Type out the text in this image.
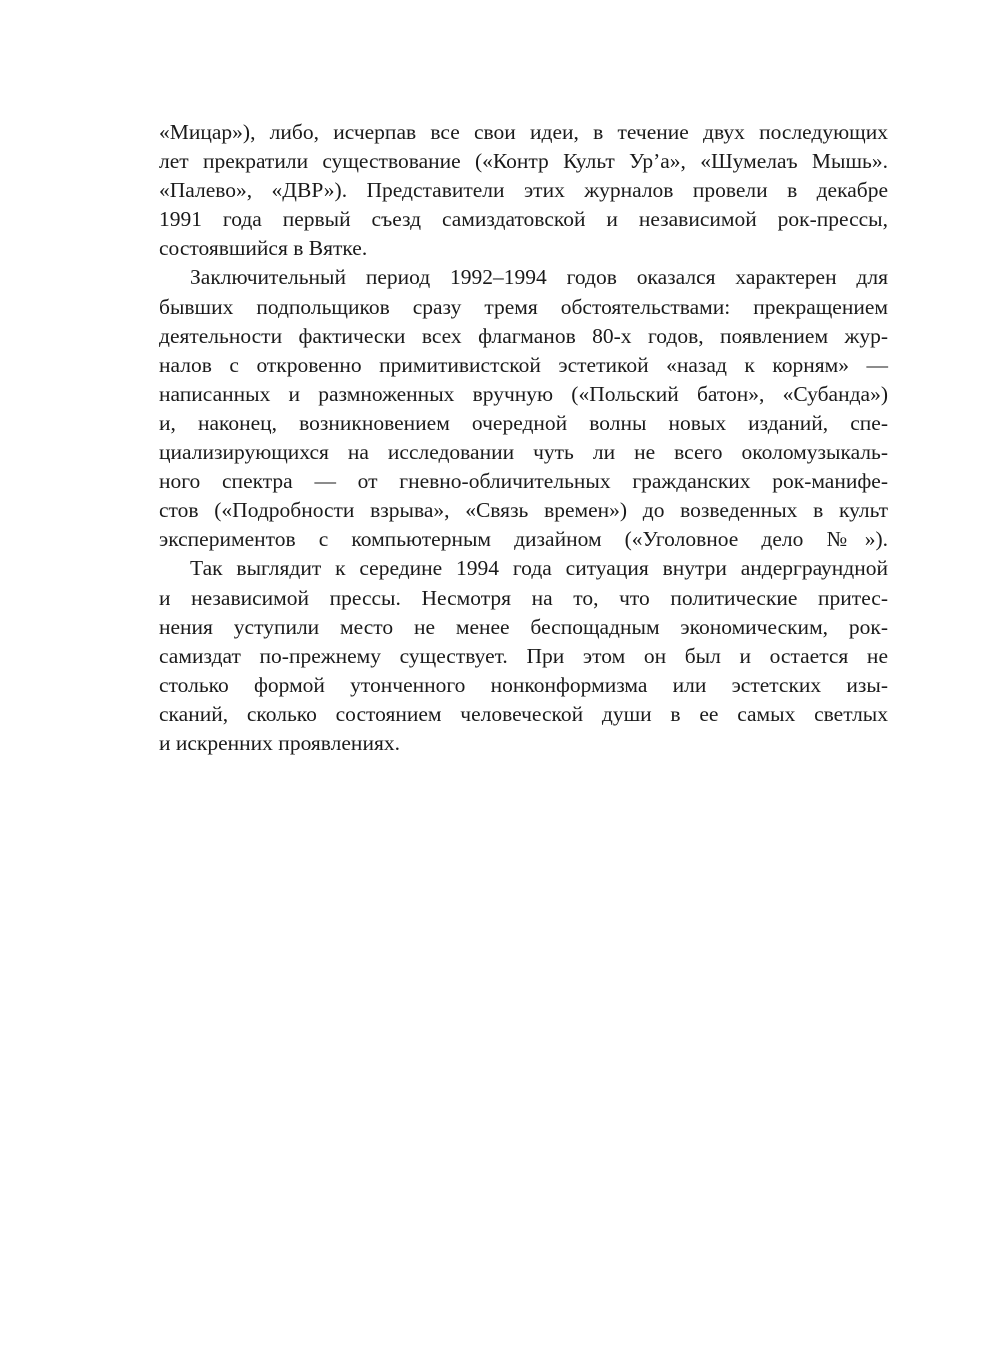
«Мицар»), либо, исчерпав все свои идеи, в течение двух последующих
лет прекратили существование («Контр Культ Ур’а», «Шумелаъ Мышь».
«Палево», «ДВР»). Представители этих журналов провели в декабре
1991 года первый съезд самиздатовской и независимой рок-прессы,
состоявшийся в Вятке.

Заключительный период 1992–1994 годов оказался характерен для
бывших подпольщиков сразу тремя обстоятельствами: прекращением
деятельности фактически всех флагманов 80-х годов, появлением жур-
налов с откровенно примитивистской эстетикой «назад к корням» —
написанных и размноженных вручную («Польский батон», «Субанда»)
и, наконец, возникновением очередной волны новых изданий, спе-
циализирующихся на исследовании чуть ли не всего околомузыкаль-
ного спектра — от гневно-обличительных гражданских рок-манифе-
стов («Подробности взрыва», «Связь времен») до возведенных в культ
экспериментов с компьютерным дизайном («Уголовное дело №»).

Так выглядит к середине 1994 года ситуация внутри андерграундной
и независимой прессы. Несмотря на то, что политические притес-
нения уступили место не менее беспощадным экономическим, рок-
самиздат по-прежнему существует. При этом он был и остается не
столько формой утонченного нонконформизма или эстетских изы-
сканий, сколько состоянием человеческой души в ее самых светлых
и искренних проявлениях.
